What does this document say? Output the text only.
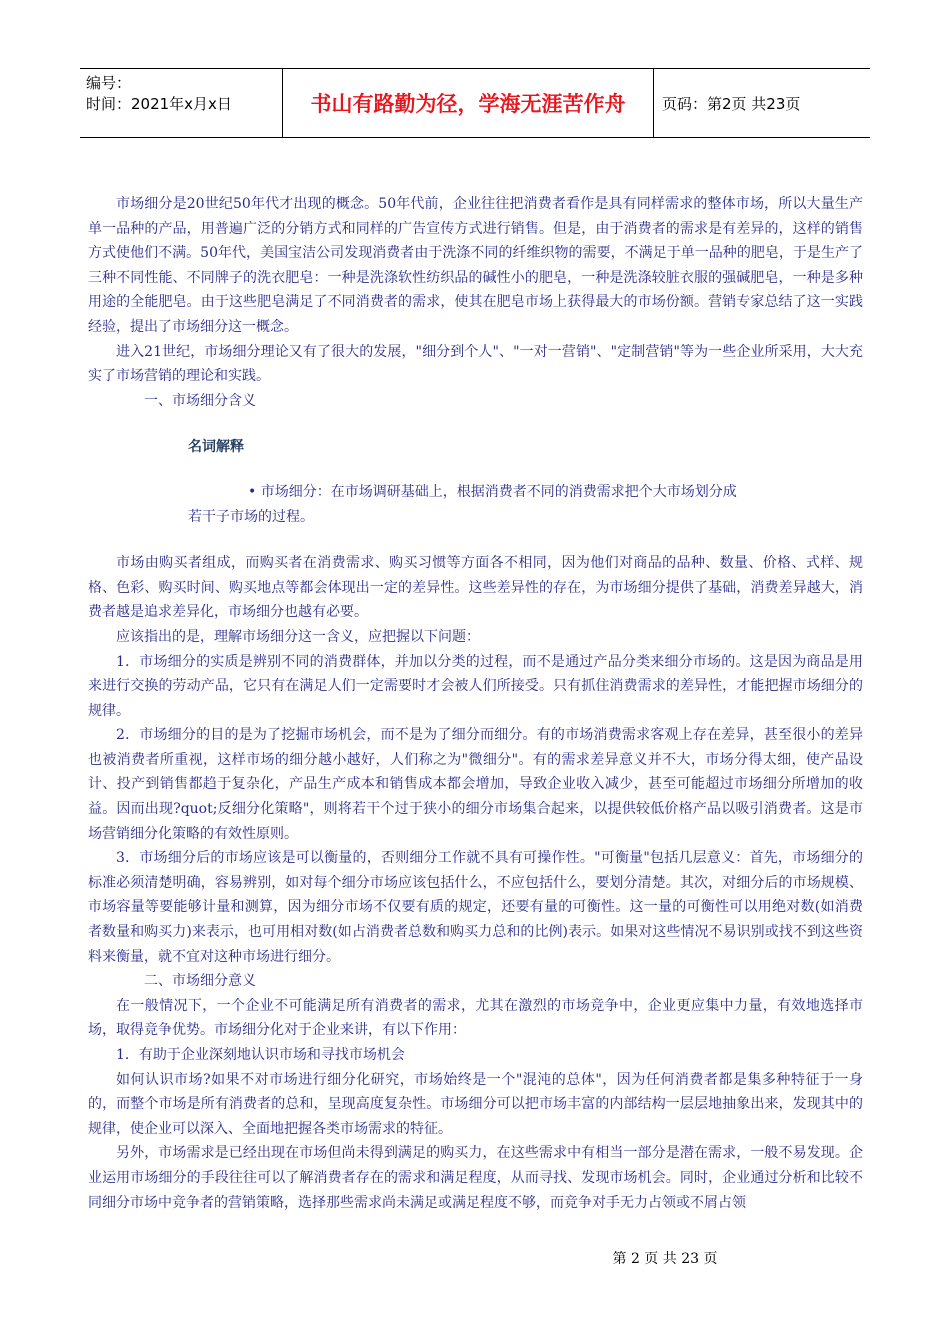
编号：
时间：2021年x月x日	书山有路勤为径，学海无涯苦作舟	页码：第2页 共23页

市场细分是20世纪50年代才出现的概念。50年代前，企业往往把消费者看作是具有同样需求的整体市场，所以大量生产单一品种的产品，用普遍广泛的分销方式和同样的广告宣传方式进行销售。但是，由于消费者的需求是有差异的，这样的销售方式使他们不满。50年代，美国宝洁公司发现消费者由于洗涤不同的纤维织物的需要，不满足于单一品种的肥皂，于是生产了三种不同性能、不同牌子的洗衣肥皂：一种是洗涤软性纺织品的碱性小的肥皂，一种是洗涤较脏衣服的强碱肥皂，一种是多种用途的全能肥皂。由于这些肥皂满足了不同消费者的需求，使其在肥皂市场上获得最大的市场份额。营销专家总结了这一实践经验，提出了市场细分这一概念。

进入21世纪，市场细分理论又有了很大的发展，"细分到个人"、"一对一营销"、"定制营销"等为一些企业所采用，大大充实了市场营销的理论和实践。

一、市场细分含义

名词解释

• 市场细分：在市场调研基础上，根据消费者不同的消费需求把个大市场划分成

若干子市场的过程。

市场由购买者组成，而购买者在消费需求、购买习惯等方面各不相同，因为他们对商品的品种、数量、价格、式样、规格、色彩、购买时间、购买地点等都会体现出一定的差异性。这些差异性的存在，为市场细分提供了基础，消费差异越大，消费者越是追求差异化，市场细分也越有必要。

应该指出的是，理解市场细分这一含义，应把握以下问题：

1．市场细分的实质是辨别不同的消费群体，并加以分类的过程，而不是通过产品分类来细分市场的。这是因为商品是用来进行交换的劳动产品，它只有在满足人们一定需要时才会被人们所接受。只有抓住消费需求的差异性，才能把握市场细分的规律。

2．市场细分的目的是为了挖掘市场机会，而不是为了细分而细分。有的市场消费需求客观上存在差异，甚至很小的差异也被消费者所重视，这样市场的细分越小越好，人们称之为"微细分"。有的需求差异意义并不大，市场分得太细，使产品设计、投产到销售都趋于复杂化，产品生产成本和销售成本都会增加，导致企业收入减少，甚至可能超过市场细分所增加的收益。因而出现?quot;反细分化策略"，则将若干个过于狭小的细分市场集合起来，以提供较低价格产品以吸引消费者。这是市场营销细分化策略的有效性原则。

3．市场细分后的市场应该是可以衡量的，否则细分工作就不具有可操作性。"可衡量"包括几层意义：首先，市场细分的标准必须清楚明确，容易辨别，如对每个细分市场应该包括什么，不应包括什么，要划分清楚。其次，对细分后的市场规模、市场容量等要能够计量和测算，因为细分市场不仅要有质的规定，还要有量的可衡性。这一量的可衡性可以用绝对数(如消费者数量和购买力)来表示，也可用相对数(如占消费者总数和购买力总和的比例)表示。如果对这些情况不易识别或找不到这些资料来衡量，就不宜对这种市场进行细分。

二、市场细分意义

在一般情况下，一个企业不可能满足所有消费者的需求，尤其在激烈的市场竞争中，企业更应集中力量，有效地选择市场，取得竞争优势。市场细分化对于企业来讲，有以下作用：

1．有助于企业深刻地认识市场和寻找市场机会

如何认识市场?如果不对市场进行细分化研究，市场始终是一个"混沌的总体"，因为任何消费者都是集多种特征于一身的，而整个市场是所有消费者的总和，呈现高度复杂性。市场细分可以把市场丰富的内部结构一层层地抽象出来，发现其中的规律，使企业可以深入、全面地把握各类市场需求的特征。

另外，市场需求是已经出现在市场但尚未得到满足的购买力，在这些需求中有相当一部分是潜在需求，一般不易发现。企业运用市场细分的手段往往可以了解消费者存在的需求和满足程度，从而寻找、发现市场机会。同时，企业通过分析和比较不同细分市场中竞争者的营销策略，选择那些需求尚未满足或满足程度不够，而竞争对手无力占领或不屑占领

第 2 页 共 23 页
